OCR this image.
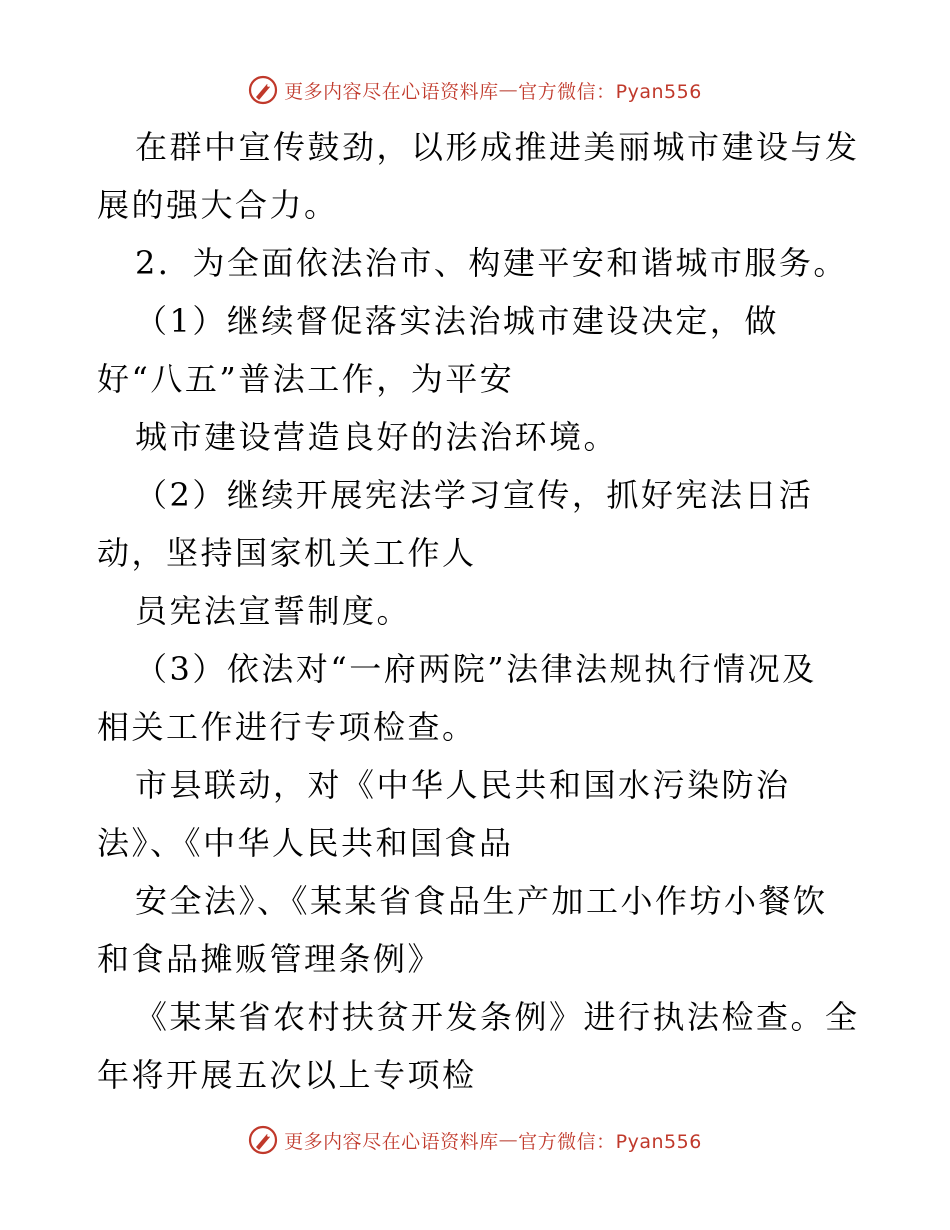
更多内容尽在心语资料库 — 官方微信：Pyan556
在群中宣传鼓劲，以形成推进美丽城市建设与发
展的强大合力。
2．为全面依法治市、构建平安和谐城市服务。
（1）继续督促落实法治城市建设决定，做
好“八五”普法工作，为平安
城市建设营造良好的法治环境。
（2）继续开展宪法学习宣传，抓好宪法日活
动，坚持国家机关工作人
员宪法宣誓制度。
（3）依法对“一府两院”法律法规执行情况及
相关工作进行专项检查。
市县联动，对《中华人民共和国水污染防治
法》、《中华人民共和国食品
安全法》、《某某省食品生产加工小作坊小餐饮
和食品摊贩管理条例》
《某某省农村扶贫开发条例》进行执法检查。全
年将开展五次以上专项检
更多内容尽在心语资料库 — 官方微信：Pyan556
